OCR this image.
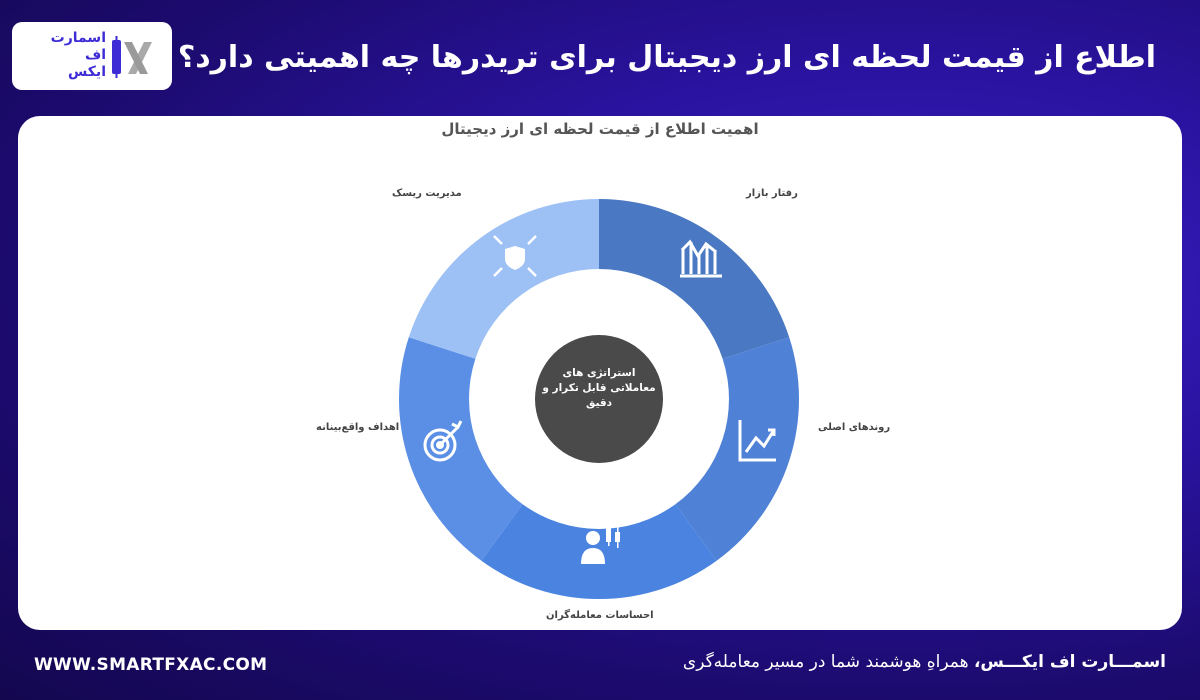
اسمارت
اف
ایکس اطلاع از قیمت لحظه ای ارز دیجیتال برای تریدرها چه اهمیتی دارد؟
اهمیت اطلاع از قیمت لحظه ای ارز دیجیتال
استراتژی های معاملاتی قابل تکرار و دقیق
رفتار بازار
روندهای اصلی
احساسات معامله‌گران
اهداف واقع‌بینانه
مدیریت ریسک
WWW.SMARTFXAC.COM	اسمـــارت اف ایکـــس، همراهِ هوشمند شما در مسیر معامله‌گری
